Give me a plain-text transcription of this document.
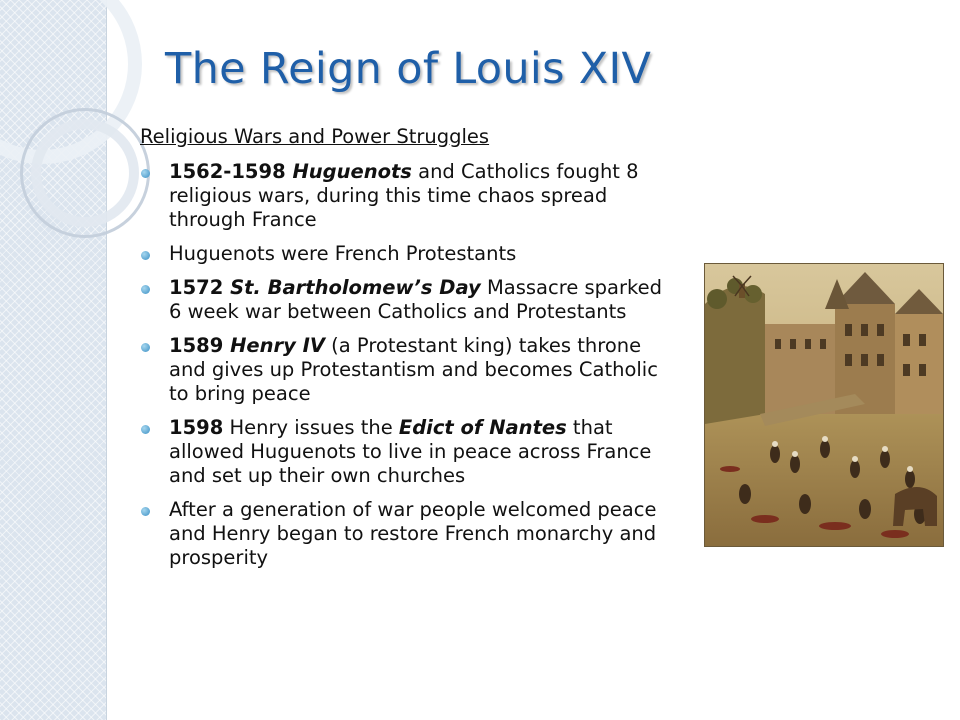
The Reign of Louis XIV
Religious Wars and Power Struggles
1562-1598 Huguenots and Catholics fought 8 religious wars, during this time chaos spread through France
Huguenots were French Protestants
1572 St. Bartholomew’s Day Massacre sparked 6 week war between Catholics and Protestants
1589 Henry IV (a Protestant king) takes throne and gives up Protestantism and becomes Catholic to bring peace
1598 Henry issues the Edict of Nantes that allowed Huguenots to live in peace across France and set up their own churches
After a generation of war people welcomed peace and Henry began to restore French monarchy and prosperity
